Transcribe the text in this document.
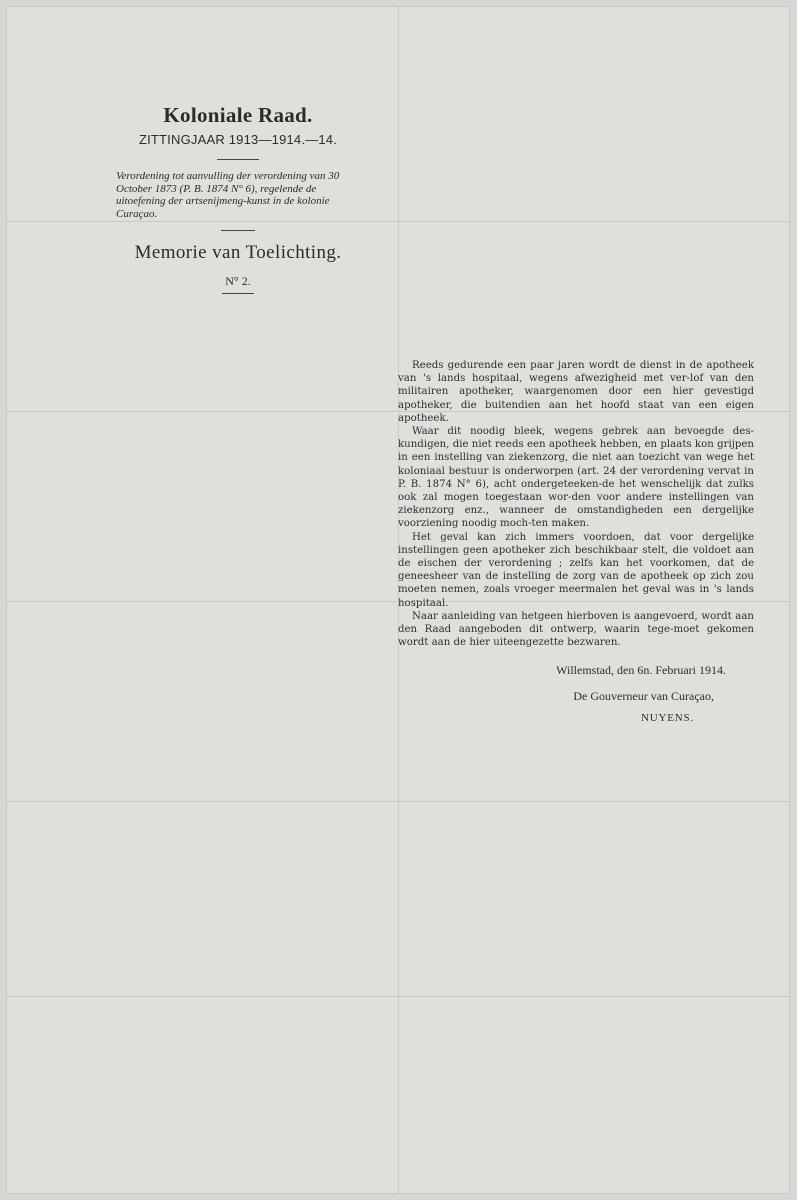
Koloniale Raad.
ZITTINGJAAR 1913—1914.—14.
Verordening tot aanvulling der verordening van 30 October 1873 (P. B. 1874 N° 6), regelende de uitoefening der artsenijmeng-kunst in de kolonie Curaçao.
Memorie van Toelichting.
N° 2.

Reeds gedurende een paar jaren wordt de dienst in de apotheek van 's lands hospitaal, wegens afwezigheid met ver-lof van den militairen apotheker, waargenomen door een hier gevestigd apotheker, die buitendien aan het hoofd staat van een eigen apotheek.

Waar dit noodig bleek, wegens gebrek aan bevoegde des-kundigen, die niet reeds een apotheek hebben, en plaats kon grijpen in een instelling van ziekenzorg, die niet aan toezicht van wege het koloniaal bestuur is onderworpen (art. 24 der verordening vervat in P. B. 1874 N° 6), acht ondergeteeken-de het wenschelijk dat zulks ook zal mogen toegestaan wor-den voor andere instellingen van ziekenzorg enz., wanneer de omstandigheden een dergelijke voorziening noodig moch-ten maken.

Het geval kan zich immers voordoen, dat voor dergelijke instellingen geen apotheker zich beschikbaar stelt, die voldoet aan de eischen der verordening ; zelfs kan het voorkomen, dat de geneesheer van de instelling de zorg van de apotheek op zich zou moeten nemen, zoals vroeger meermalen het geval was in 's lands hospitaal.

Naar aanleiding van hetgeen hierboven is aangevoerd, wordt aan den Raad aangeboden dit ontwerp, waarin tege-moet gekomen wordt aan de hier uiteengezette bezwaren.

Willemstad, den 6n. Februari 1914.
De Gouverneur van Curaçao,
NUYENS.
